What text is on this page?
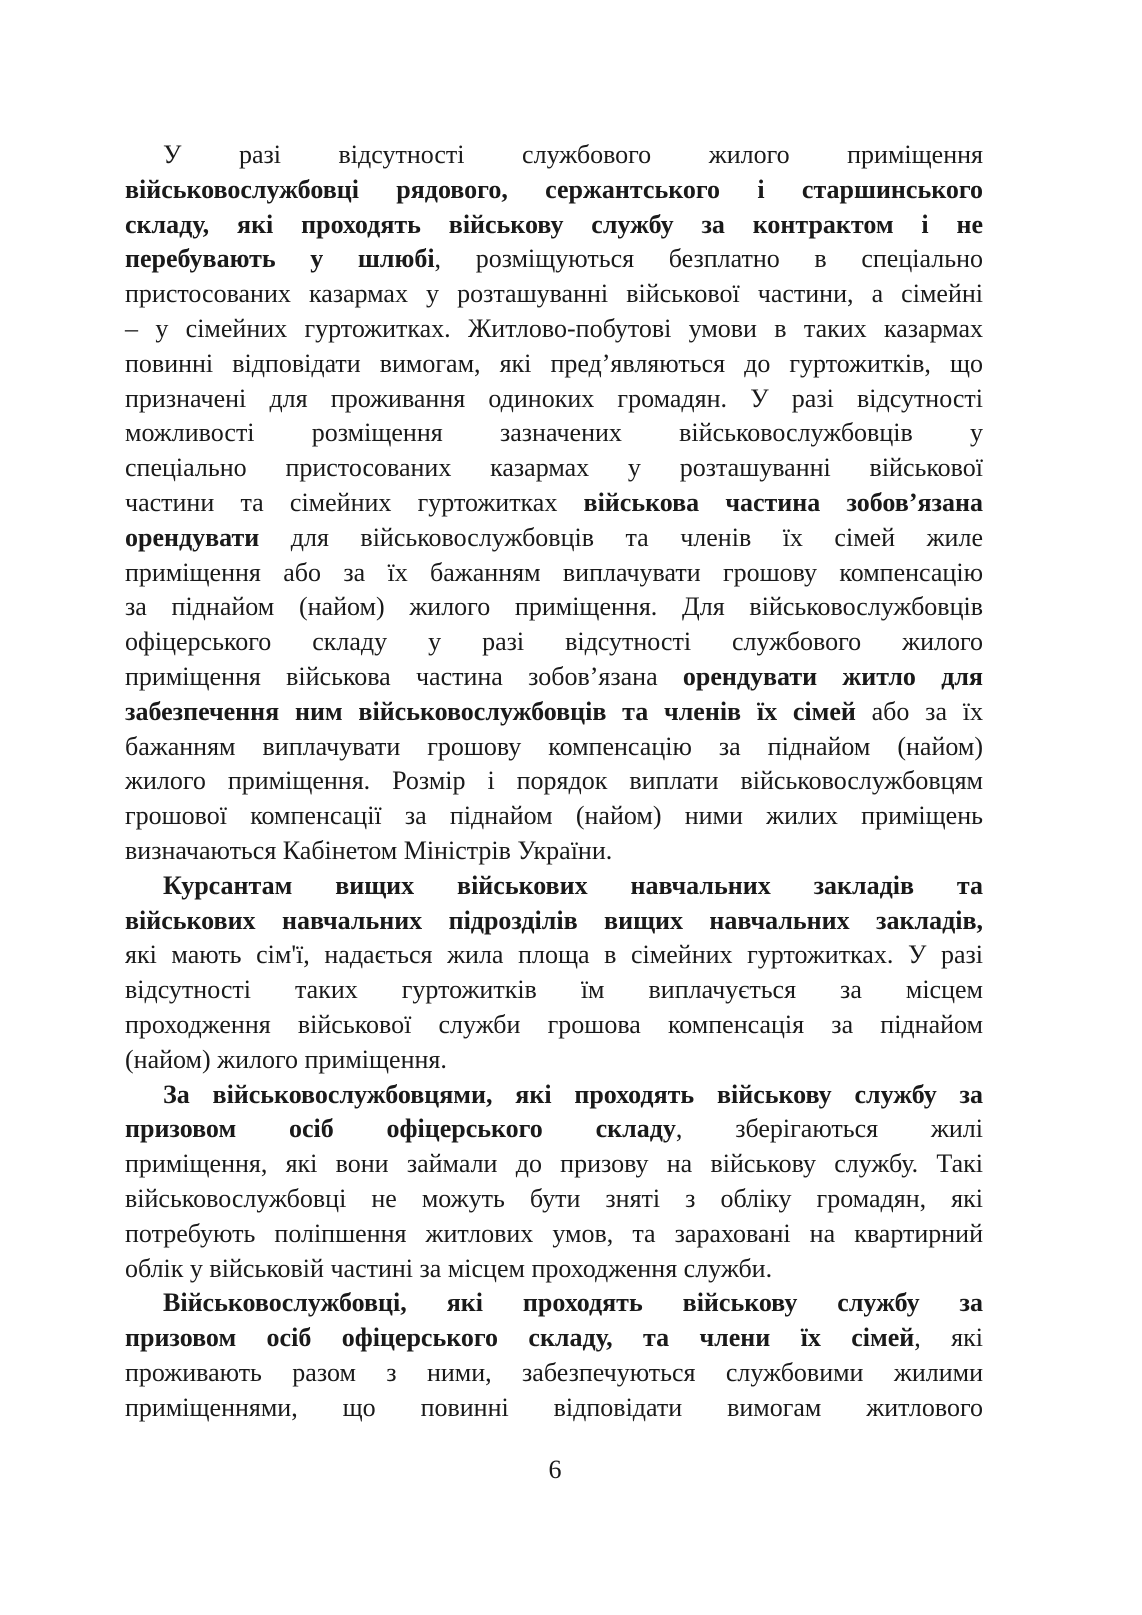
У разі відсутності службового жилого приміщення
військовослужбовці рядового, сержантського і старшинського
складу, які проходять військову службу за контрактом і не
перебувають у шлюбі, розміщуються безплатно в спеціально
пристосованих казармах у розташуванні військової частини, а сімейні
– у сімейних гуртожитках. Житлово-побутові умови в таких казармах
повинні відповідати вимогам, які пред’являються до гуртожитків, що
призначені для проживання одиноких громадян. У разі відсутності
можливості розміщення зазначених військовослужбовців у
спеціально пристосованих казармах у розташуванні військової
частини та сімейних гуртожитках військова частина зобов’язана
орендувати для військовослужбовців та членів їх сімей жиле
приміщення або за їх бажанням виплачувати грошову компенсацію
за піднайом (найом) жилого приміщення. Для військовослужбовців
офіцерського складу у разі відсутності службового жилого
приміщення військова частина зобов’язана орендувати житло для
забезпечення ним військовослужбовців та членів їх сімей або за їх
бажанням виплачувати грошову компенсацію за піднайом (найом)
жилого приміщення. Розмір і порядок виплати військовослужбовцям
грошової компенсації за піднайом (найом) ними жилих приміщень
визначаються Кабінетом Міністрів України.
Курсантам вищих військових навчальних закладів та
військових навчальних підрозділів вищих навчальних закладів,
які мають сім'ї, надається жила площа в сімейних гуртожитках. У разі
відсутності таких гуртожитків їм виплачується за місцем
проходження військової служби грошова компенсація за піднайом
(найом) жилого приміщення.
За військовослужбовцями, які проходять військову службу за
призовом осіб офіцерського складу, зберігаються жилі
приміщення, які вони займали до призову на військову службу. Такі
військовослужбовці не можуть бути зняті з обліку громадян, які
потребують поліпшення житлових умов, та зараховані на квартирний
облік у військовій частині за місцем проходження служби.
Військовослужбовці, які проходять військову службу за
призовом осіб офіцерського складу, та члени їх сімей, які
проживають разом з ними, забезпечуються службовими жилими
приміщеннями, що повинні відповідати вимогам житлового
6
